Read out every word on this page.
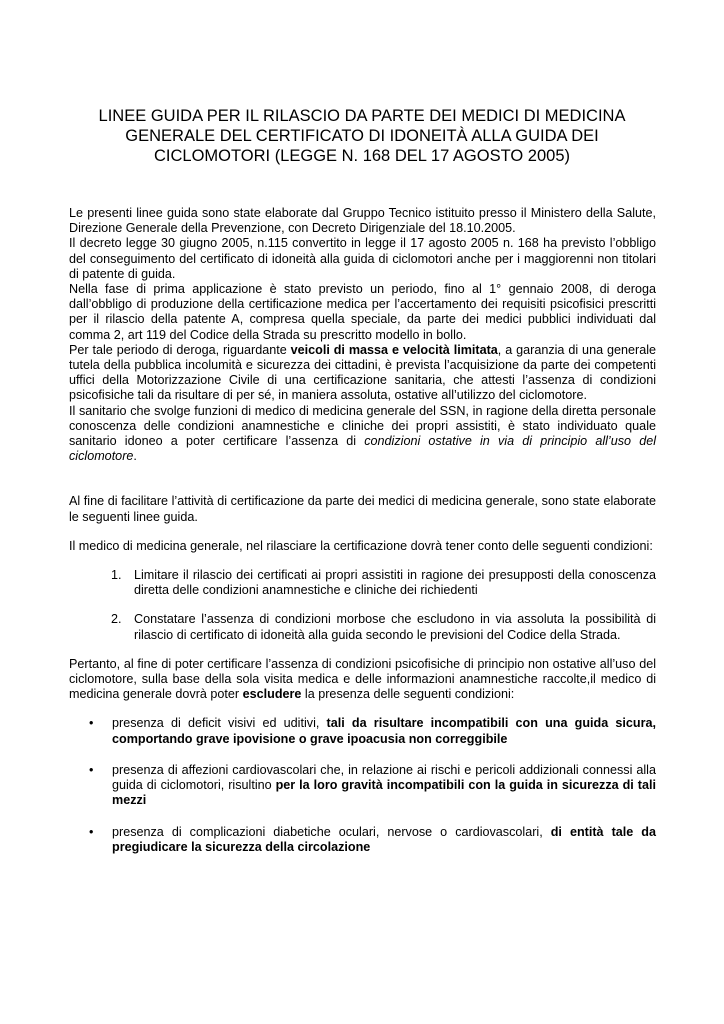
LINEE GUIDA PER IL RILASCIO DA PARTE DEI MEDICI DI MEDICINA
GENERALE DEL CERTIFICATO DI IDONEITÀ ALLA GUIDA DEI
CICLOMOTORI (LEGGE N. 168 DEL 17 AGOSTO 2005)

Le presenti linee guida sono state elaborate dal Gruppo Tecnico istituito presso il Ministero della Salute, Direzione Generale della Prevenzione, con Decreto Dirigenziale del 18.10.2005.

Il decreto legge 30 giugno 2005, n.115 convertito in legge il 17 agosto 2005 n. 168 ha previsto l’obbligo del conseguimento del certificato di idoneità alla guida di ciclomotori anche per i maggiorenni non titolari di patente di guida.

Nella fase di prima applicazione è stato previsto un periodo, fino al 1° gennaio 2008, di deroga dall’obbligo di produzione della certificazione medica per l’accertamento dei requisiti psicofisici prescritti per il rilascio della patente A, compresa quella speciale, da parte dei medici pubblici individuati dal comma 2, art 119 del Codice della Strada su prescritto modello in bollo.

Per tale periodo di deroga, riguardante veicoli di massa e velocità limitata, a garanzia di una generale tutela della pubblica incolumità e sicurezza dei cittadini, è prevista l’acquisizione da parte dei competenti uffici della Motorizzazione Civile di una certificazione sanitaria, che attesti l’assenza di condizioni psicofisiche tali da risultare di per sé, in maniera assoluta, ostative all’utilizzo del ciclomotore.

Il sanitario che svolge funzioni di medico di medicina generale del SSN, in ragione della diretta personale conoscenza delle condizioni anamnestiche e cliniche dei propri assistiti, è stato individuato quale sanitario idoneo a poter certificare l’assenza di condizioni ostative in via di principio all’uso del ciclomotore.

Al fine di facilitare l’attività di certificazione da parte dei medici di medicina generale, sono state elaborate le seguenti linee guida.

Il medico di medicina generale, nel rilasciare la certificazione dovrà tener conto delle seguenti condizioni:

1. Limitare il rilascio dei certificati ai propri assistiti in ragione dei presupposti della conoscenza diretta delle condizioni anamnestiche e cliniche dei richiedenti
2. Constatare l’assenza di condizioni morbose che escludono in via assoluta la possibilità di rilascio di certificato di idoneità alla guida secondo le previsioni del Codice della Strada.

Pertanto, al fine di poter certificare l’assenza di condizioni psicofisiche di principio non ostative all’uso del ciclomotore, sulla base della sola visita medica e delle informazioni anamnestiche raccolte,il medico di medicina generale dovrà poter escludere la presenza delle seguenti condizioni:

• presenza di deficit visivi ed uditivi, tali da risultare incompatibili con una guida sicura, comportando grave ipovisione o grave ipoacusia non correggibile
• presenza di affezioni cardiovascolari che, in relazione ai rischi e pericoli addizionali connessi alla guida di ciclomotori, risultino per la loro gravità incompatibili con la guida in sicurezza di tali mezzi
• presenza di complicazioni diabetiche oculari, nervose o cardiovascolari, di entità tale da pregiudicare la sicurezza della circolazione
